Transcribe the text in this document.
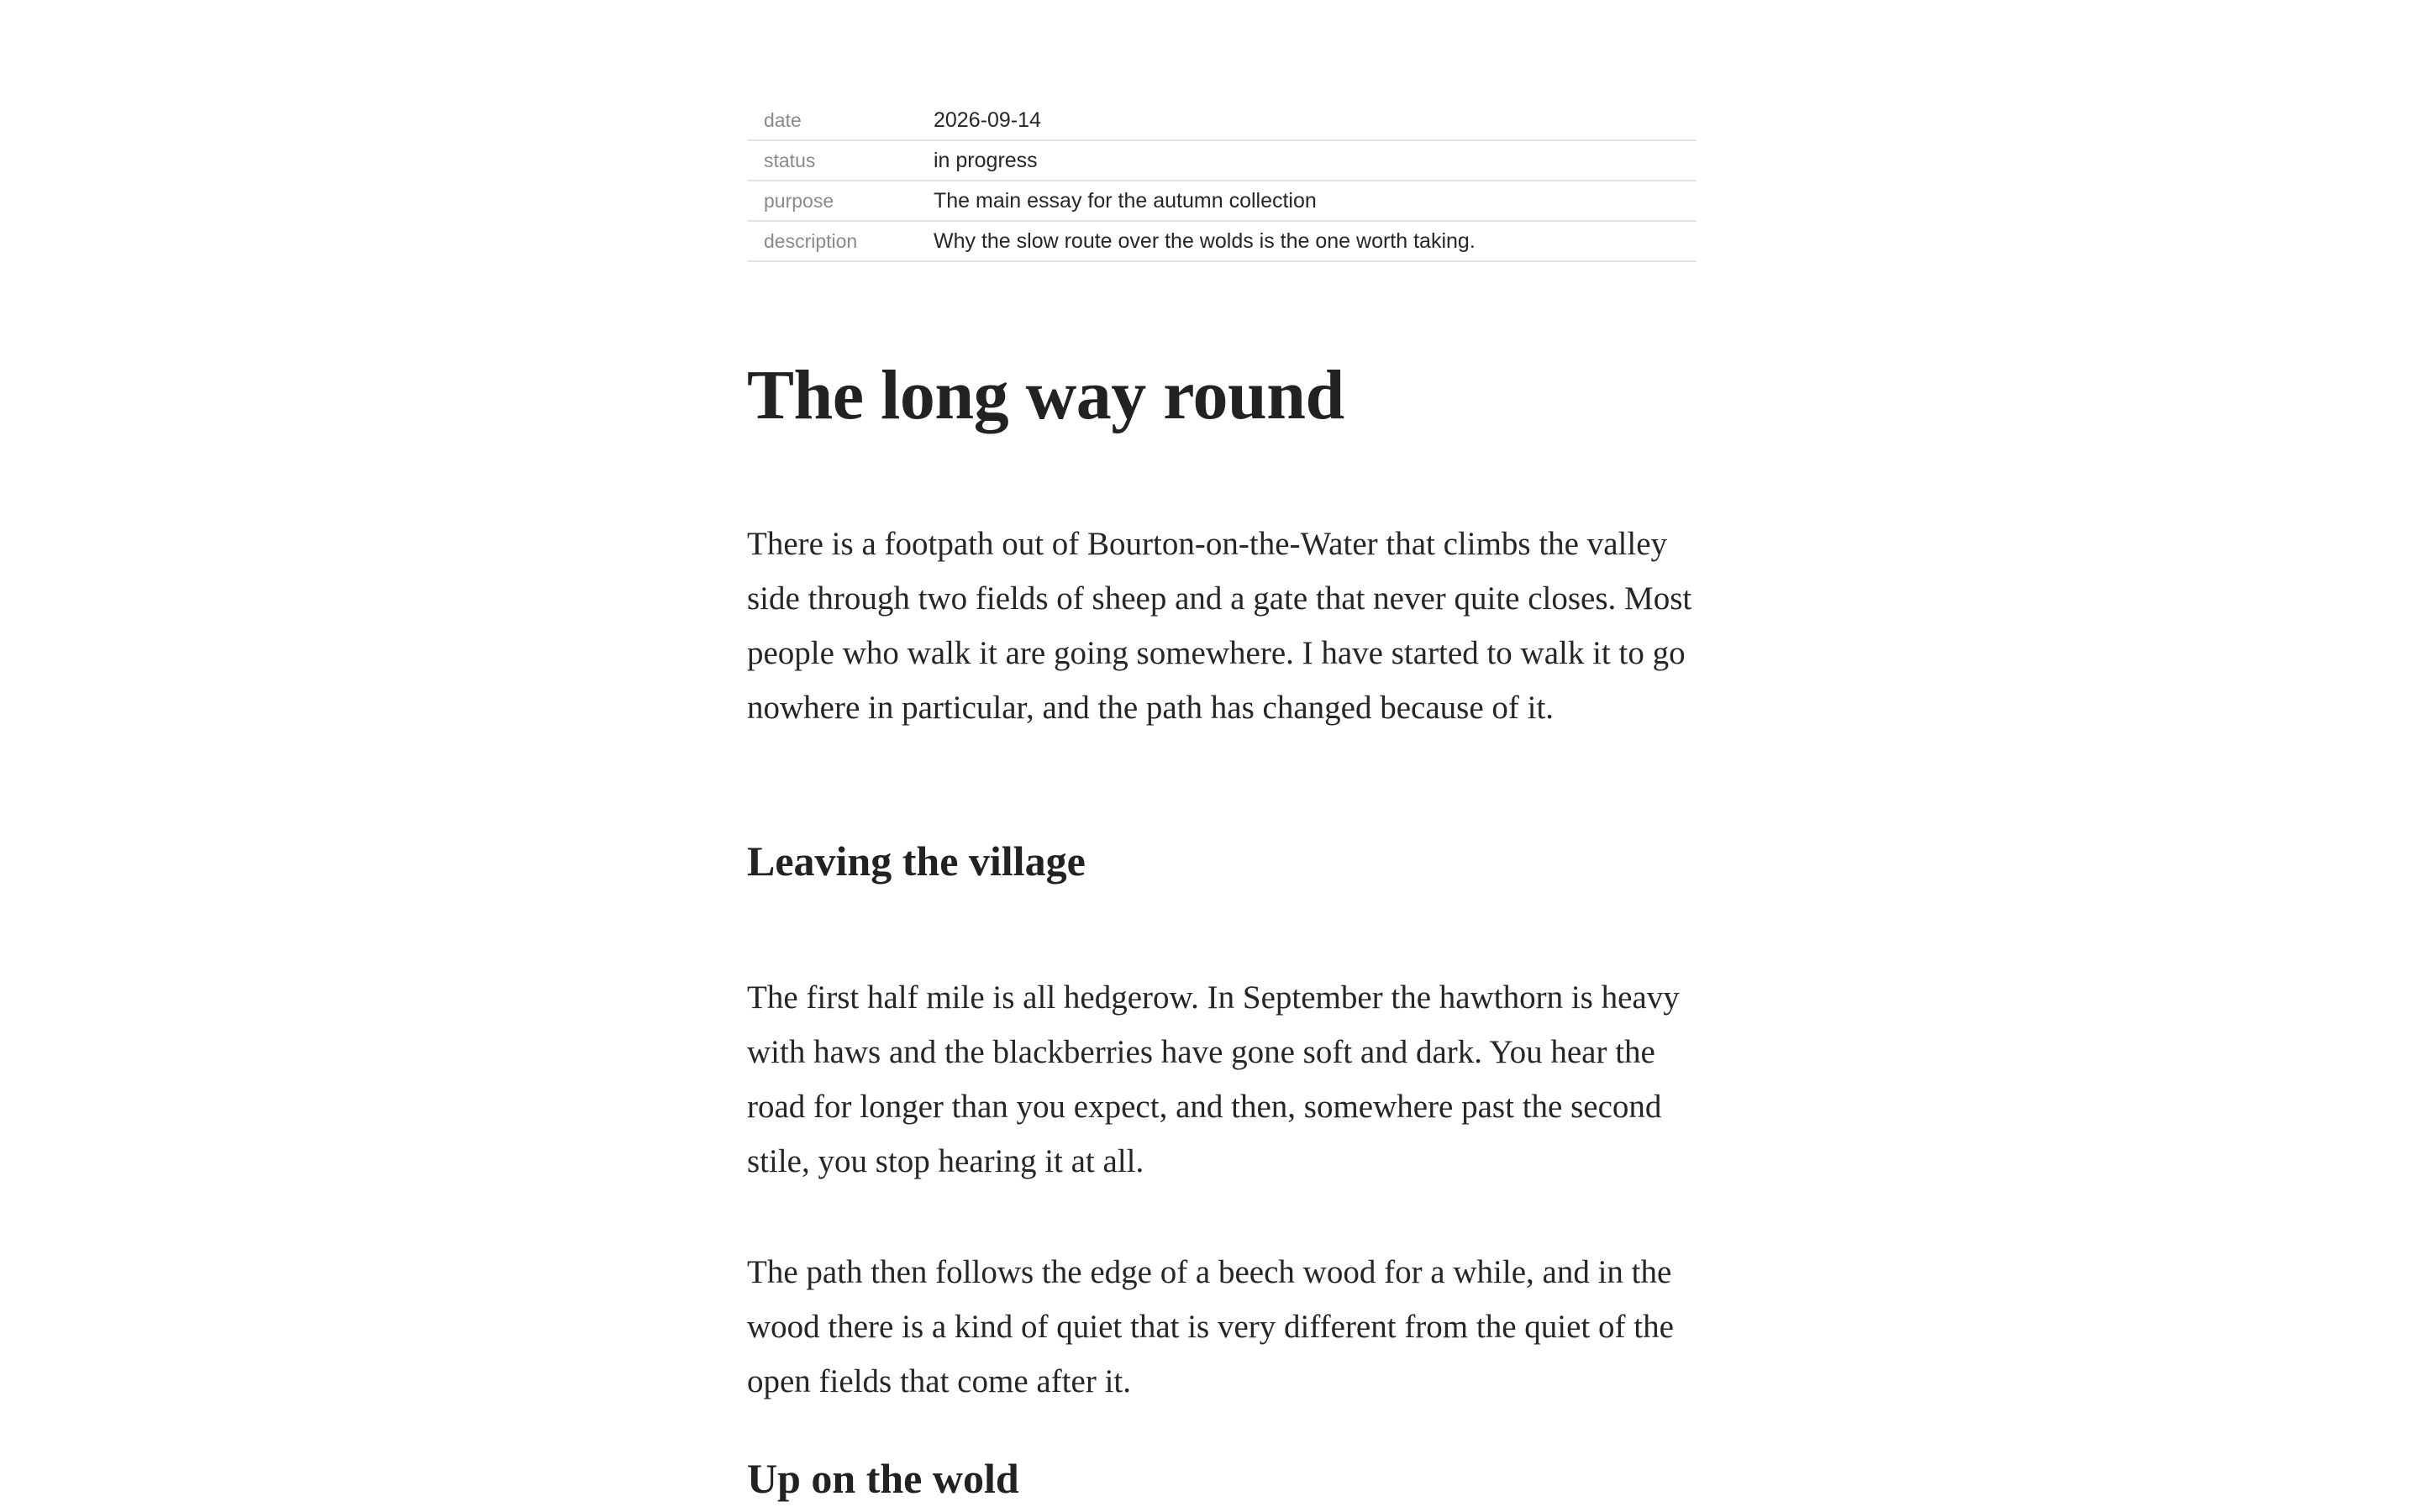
date	2026-09-14
status	in progress
purpose	The main essay for the autumn collection
description	Why the slow route over the wolds is the one worth taking.
The long way round

There is a footpath out of Bourton-on-the-Water that climbs the valley side through two fields of sheep and a gate that never quite closes. Most people who walk it are going somewhere. I have started to walk it to go nowhere in particular, and the path has changed because of it.

Leaving the village

The first half mile is all hedgerow. In September the hawthorn is heavy with haws and the blackberries have gone soft and dark. You hear the road for longer than you expect, and then, somewhere past the second stile, you stop hearing it at all.

The path then follows the edge of a beech wood for a while, and in the wood there is a kind of quiet that is very different from the quiet of the open fields that come after it.

Up on the wold
